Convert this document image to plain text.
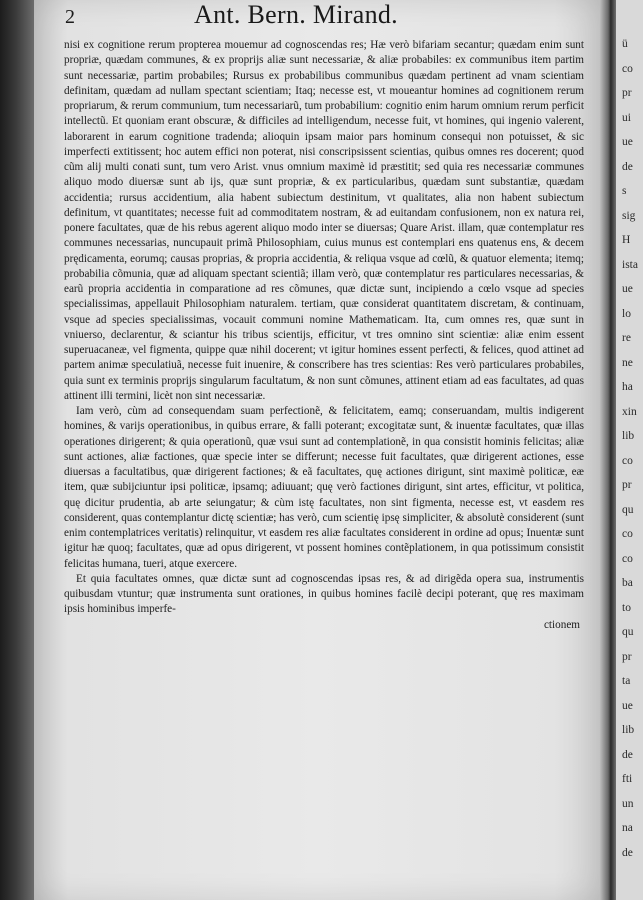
2	Ant. Bern. Mirand.

nisi ex cognitione rerum propterea mouemur ad cognoscendas res; Hæ verò bifariam secantur; quædam enim sunt propriæ, quædam communes, & ex proprijs aliæ sunt necessariæ, & aliæ probabiles: ex communibus item partim sunt necessariæ, partim probabiles; Rursus ex probabilibus communibus quædam pertinent ad vnam scientiam definitam, quædam ad nullam spectant scientiam; Itaq; necesse est, vt moueantur homines ad cognitionem rerum propriarum, & rerum communium, tum necessariarũ, tum probabilium: cognitio enim harum omnium rerum perficit intellectũ. Et quoniam erant obscuræ, & difficiles ad intelligendum, necesse fuit, vt homines, qui ingenio valerent, laborarent in earum cognitione tradenda; alioquin ipsam maior pars hominum consequi non potuisset, & sic imperfecti extitissent; hoc autem effici non poterat, nisi conscripsissent scientias, quibus omnes res docerent; quod cũm alij multi conati sunt, tum vero Arist. vnus omnium maximè id præstitit; sed quia res necessariæ communes aliquo modo diuersæ sunt ab ijs, quæ sunt propriæ, & ex particularibus, quædam sunt substantiæ, quædam accidentia; rursus accidentium, alia habent subiectum destinitum, vt qualitates, alia non habent subiectum definitum, vt quantitates; necesse fuit ad commoditatem nostram, & ad euitandam confusionem, non ex natura rei, ponere facultates, quæ de his rebus agerent aliquo modo inter se diuersas; Quare Arist. illam, quæ contemplatur res communes necessarias, nuncupauit primã Philosophiam, cuius munus est contemplari ens quatenus ens, & decem prędicamenta, eorumq; causas proprias, & propria accidentia, & reliqua vsque ad cœlũ, & quatuor elementa; itemq; probabilia cõmunia, quæ ad aliquam spectant scientiã; illam verò, quæ contemplatur res particulares necessarias, & earũ propria accidentia in comparatione ad res cõmunes, quæ dictæ sunt, incipiendo a cœlo vsque ad species specialissimas, appellauit Philosophiam naturalem. tertiam, quæ considerat quantitatem discretam, & continuam, vsque ad species specialissimas, vocauit communi nomine Mathematicam. Ita, cum omnes res, quæ sunt in vniuerso, declarentur, & sciantur his tribus scientijs, efficitur, vt tres omnino sint scientiæ: aliæ enim essent superuacaneæ, vel figmenta, quippe quæ nihil docerent; vt igitur homines essent perfecti, & felices, quod attinet ad partem animæ speculatiuã, necesse fuit inuenire, & conscribere has tres scientias: Res verò particulares probabiles, quia sunt ex terminis proprijs singularum facultatum, & non sunt cõmunes, attinent etiam ad eas facultates, ad quas attinent illi termini, licèt non sint necessariæ.

Iam verò, cùm ad consequendam suam perfectionẽ, & felicitatem, eamq; conseruandam, multis indigerent homines, & varijs operationibus, in quibus errare, & falli poterant; excogitatæ sunt, & inuentæ facultates, quæ illas operationes dirigerent; & quia operationũ, quæ vsui sunt ad contemplationẽ, in qua consistit hominis felicitas; aliæ sunt actiones, aliæ factiones, quæ specie inter se differunt; necesse fuit facultates, quæ dirigerent actiones, esse diuersas a facultatibus, quæ dirigerent factiones; & eã facultates, quę actiones dirigunt, sint maximè politicæ, eæ item, quæ subijciuntur ipsi politicæ, ipsamq; adiuuant; quę verò factiones dirigunt, sint artes, efficitur, vt politica, quę dicitur prudentia, ab arte seiungatur; & cùm istę facultates, non sint figmenta, necesse est, vt easdem res considerent, quas contemplantur dictę scientiæ; has verò, cum scientię ipsę simpliciter, & absolutè considerent (sunt enim contemplatrices veritatis) relinquitur, vt easdem res aliæ facultates considerent in ordine ad opus; Inuentæ sunt igitur hæ quoq; facultates, quæ ad opus dirigerent, vt possent homines contẽplationem, in qua potissimum consistit felicitas humana, tueri, atque exercere.

Et quia facultates omnes, quæ dictæ sunt ad cognoscendas ipsas res, & ad dirigẽda opera sua, instrumentis quibusdam vtuntur; quæ instrumenta sunt orationes, in quibus homines facilè decipi poterant, quę res maximam ipsis hominibus imperfe-

ctionem
ü
co
pr
ui
ue
de
s
sig
H
ista
ue
lo
re
ne
ha
xin
lib
co
pr
qu
co
co
ba
to
qu
pr
ta
ue
lib
de
fti
un
na
de
